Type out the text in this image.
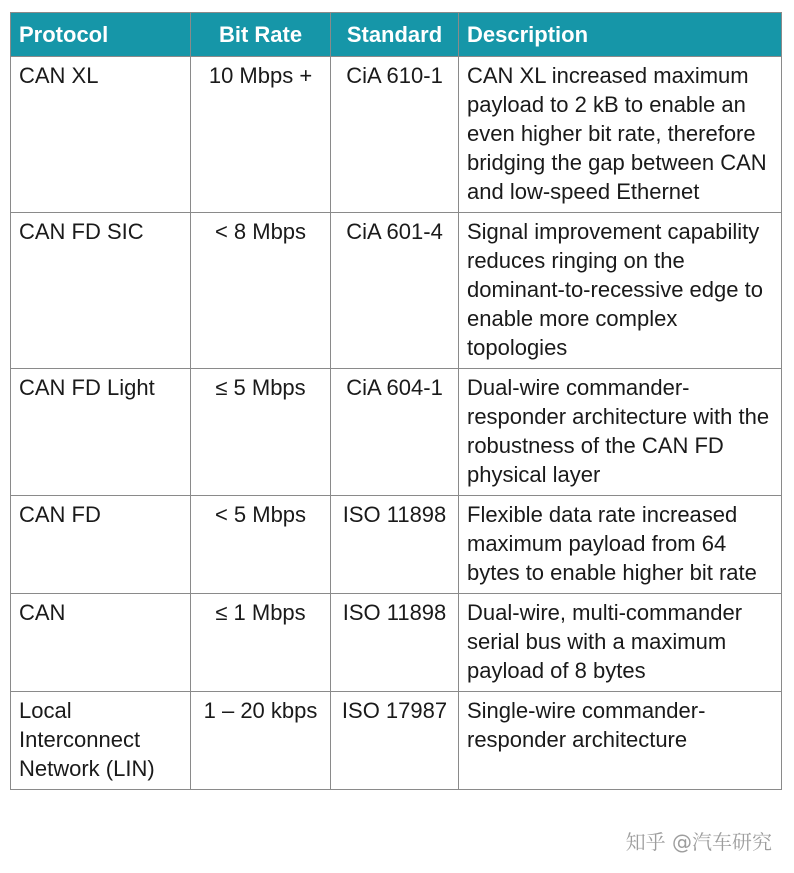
Protocol	Bit Rate	Standard	Description
CAN XL	10 Mbps +	CiA 610-1	CAN XL increased maximum payload to 2 kB to enable an even higher bit rate, therefore bridging the gap between CAN and low-speed Ethernet
CAN FD SIC	< 8 Mbps	CiA 601-4	Signal improvement capability reduces ringing on the dominant-to-recessive edge to enable more complex topologies
CAN FD Light	≤ 5 Mbps	CiA 604-1	Dual-wire commander-responder architecture with the robustness of the CAN FD physical layer
CAN FD	< 5 Mbps	ISO 11898	Flexible data rate increased maximum payload from 64 bytes to enable higher bit rate
CAN	≤ 1 Mbps	ISO 11898	Dual-wire, multi-commander serial bus with a maximum payload of 8 bytes
Local Interconnect Network (LIN)	1 – 20 kbps	ISO 17987	Single-wire commander-responder architecture
知乎 @汽车研究
